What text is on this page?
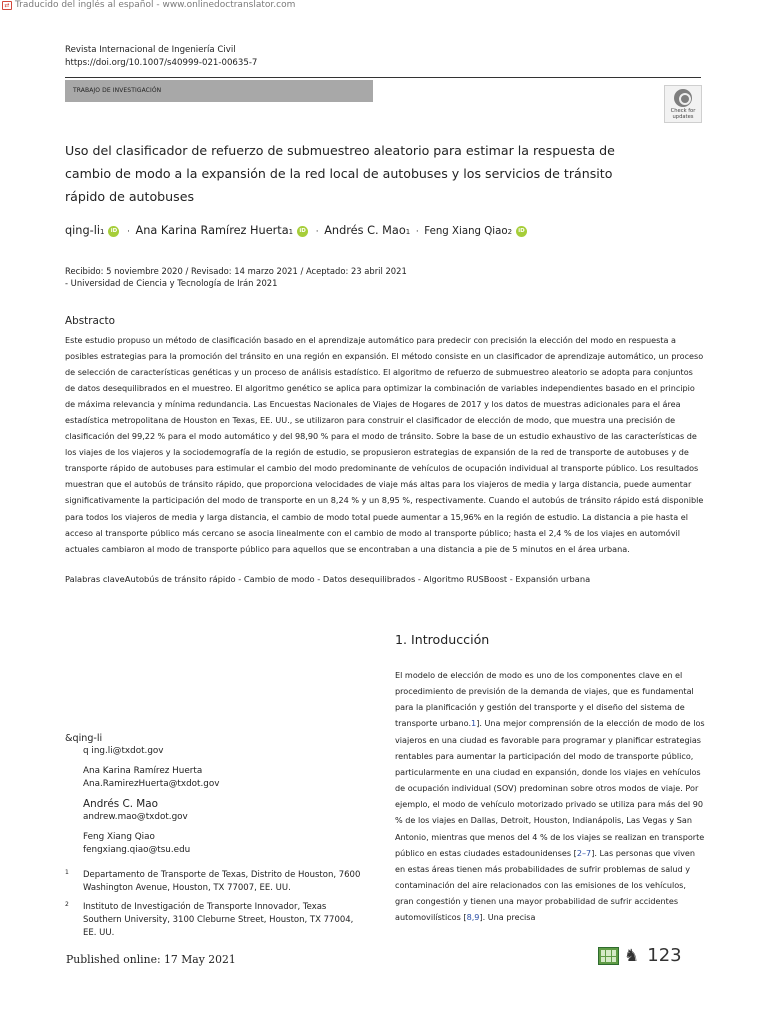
⇄ Traducido del inglés al español - www.onlinedoctranslator.com
Revista Internacional de Ingeniería Civil
https://doi.org/10.1007/s40999-021-00635-7
TRABAJO DE INVESTIGACIÓN
Check for
updates
Uso del clasificador de refuerzo de submuestreo aleatorio para estimar la respuesta de cambio de modo a la expansión de la red local de autobuses y los servicios de tránsito rápido de autobuses
qing-li1 iD · Ana Karina Ramírez Huerta1 iD · Andrés C. Mao1 · Feng Xiang Qiao2 iD
Recibido: 5 noviembre 2020 / Revisado: 14 marzo 2021 / Aceptado: 23 abril 2021
- Universidad de Ciencia y Tecnología de Irán 2021
Abstracto

Este estudio propuso un método de clasificación basado en el aprendizaje automático para predecir con precisión la elección del modo en respuesta a posibles estrategias para la promoción del tránsito en una región en expansión. El método consiste en un clasificador de aprendizaje automático, un proceso de selección de características genéticas y un proceso de análisis estadístico. El algoritmo de refuerzo de submuestreo aleatorio se adopta para conjuntos de datos desequilibrados en el muestreo. El algoritmo genético se aplica para optimizar la combinación de variables independientes basado en el principio de máxima relevancia y mínima redundancia. Las Encuestas Nacionales de Viajes de Hogares de 2017 y los datos de muestras adicionales para el área estadística metropolitana de Houston en Texas, EE. UU., se utilizaron para construir el clasificador de elección de modo, que muestra una precisión de clasificación del 99,22 % para el modo automático y del 98,90 % para el modo de tránsito. Sobre la base de un estudio exhaustivo de las características de los viajes de los viajeros y la sociodemografía de la región de estudio, se propusieron estrategias de expansión de la red de transporte de autobuses y de transporte rápido de autobuses para estimular el cambio del modo predominante de vehículos de ocupación individual al transporte público. Los resultados muestran que el autobús de tránsito rápido, que proporciona velocidades de viaje más altas para los viajeros de media y larga distancia, puede aumentar significativamente la participación del modo de transporte en un 8,24 % y un 8,95 %, respectivamente. Cuando el autobús de tránsito rápido está disponible para todos los viajeros de media y larga distancia, el cambio de modo total puede aumentar a 15,96% en la región de estudio. La distancia a pie hasta el acceso al transporte público más cercano se asocia linealmente con el cambio de modo al transporte público; hasta el 2,4 % de los viajes en automóvil actuales cambiaron al modo de transporte público para aquellos que se encontraban a una distancia a pie de 5 minutos en el área urbana.

Palabras claveAutobús de tránsito rápido - Cambio de modo - Datos desequilibrados - Algoritmo RUSBoost - Expansión urbana
1. Introducción

El modelo de elección de modo es uno de los componentes clave en el procedimiento de previsión de la demanda de viajes, que es fundamental para la planificación y gestión del transporte y el diseño del sistema de transporte urbano.1]. Una mejor comprensión de la elección de modo de los viajeros en una ciudad es favorable para programar y planificar estrategias rentables para aumentar la participación del modo de transporte público, particularmente en una ciudad en expansión, donde los viajes en vehículos de ocupación individual (SOV) predominan sobre otros modos de viaje. Por ejemplo, el modo de vehículo motorizado privado se utiliza para más del 90 % de los viajes en Dallas, Detroit, Houston, Indianápolis, Las Vegas y San Antonio, mientras que menos del 4 % de los viajes se realizan en transporte público en estas ciudades estadounidenses [2–7]. Las personas que viven en estas áreas tienen más probabilidades de sufrir problemas de salud y contaminación del aire relacionados con las emisiones de los vehículos, gran congestión y tienen una mayor probabilidad de sufrir accidentes automovilísticos [8,9]. Una precisa

&qing-li
q ing.li@txdot.gov
Ana Karina Ramírez Huerta
Ana.RamirezHuerta@txdot.gov
Andrés C. Mao
andrew.mao@txdot.gov
Feng Xiang Qiao
fengxiang.qiao@tsu.edu
1 Departamento de Transporte de Texas, Distrito de Houston, 7600 Washington Avenue, Houston, TX 77007, EE. UU.
2 Instituto de Investigación de Transporte Innovador, Texas Southern University, 3100 Cleburne Street, Houston, TX 77004, EE. UU.
Published online: 17 May 2021	♞ 123
